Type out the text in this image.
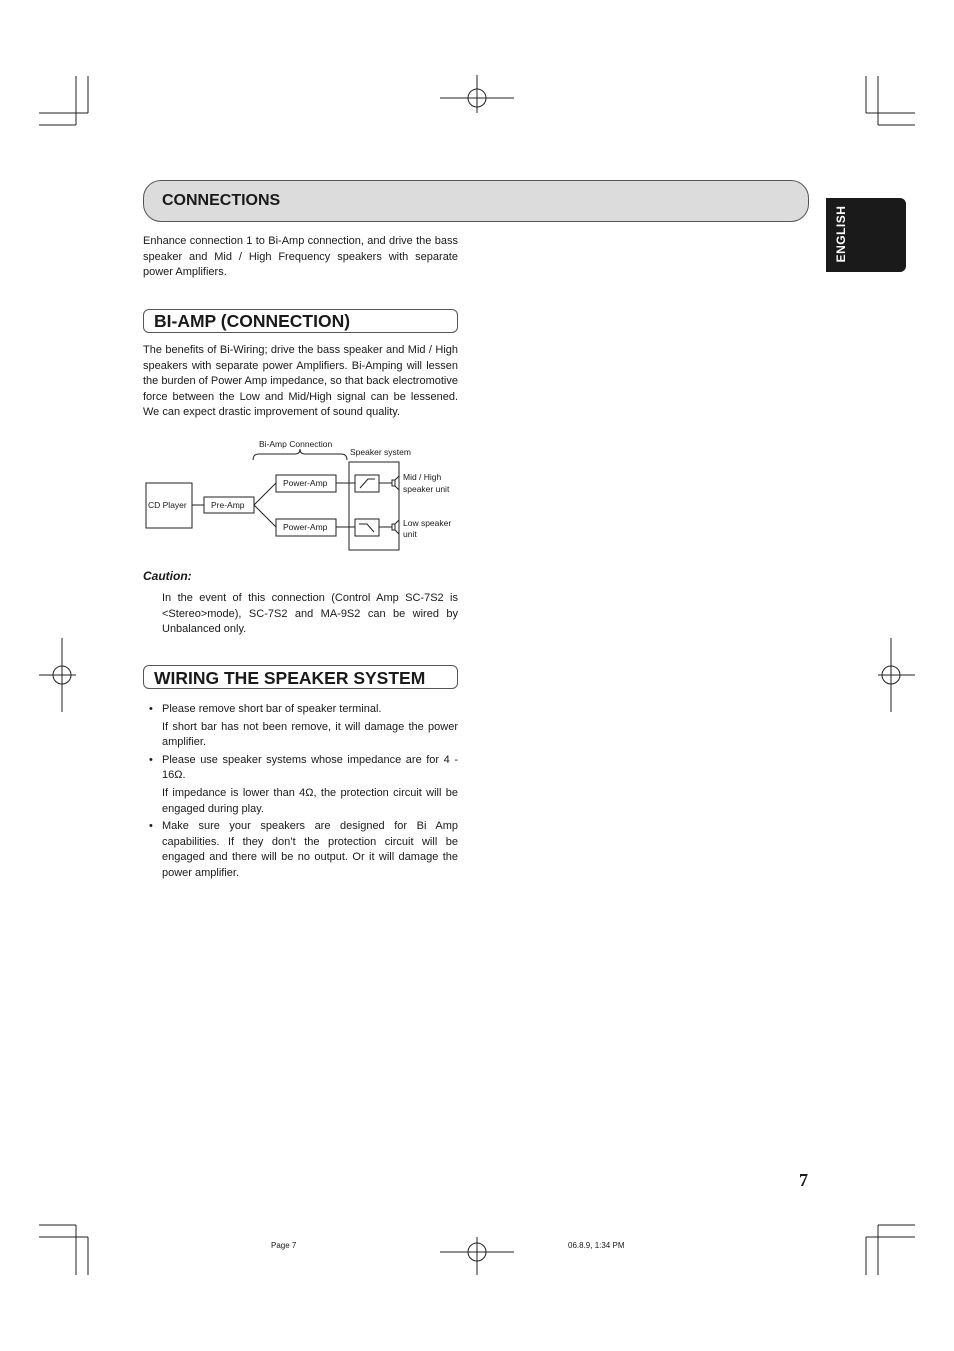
CONNECTIONS
ENGLISH
Enhance connection 1 to Bi-Amp connection, and drive the bass speaker and Mid / High Frequency speakers with separate power Amplifiers.
BI-AMP (CONNECTION)
The benefits of Bi-Wiring; drive the bass speaker and Mid / High speakers with separate power Amplifiers. Bi-Amping will lessen the burden of Power Amp impedance, so that back electromotive force between the Low and Mid/High signal can be lessened. We can expect drastic improvement of sound quality.
Bi-Amp Connection
Speaker system
CD Player	Pre-Amp
Power-Amp
Power-Amp
Mid / High
speaker unit
Low speaker
unit
Caution:
In the event of this connection (Control Amp SC-7S2 is <Stereo>mode), SC-7S2 and MA-9S2 can be wired by Unbalanced only.
WIRING THE SPEAKER SYSTEM
• Please remove short bar of speaker terminal.
If short bar has not been remove, it will damage the power amplifier.
• Please use speaker systems whose impedance are for 4 - 16Ω.
If impedance is lower than 4Ω, the protection circuit will be engaged during play.
• Make sure your speakers are designed for Bi Amp capabilities. If they don’t the protection circuit will be engaged and there will be no output. Or it will damage the power amplifier.
7
Page 7	06.8.9, 1:34 PM
